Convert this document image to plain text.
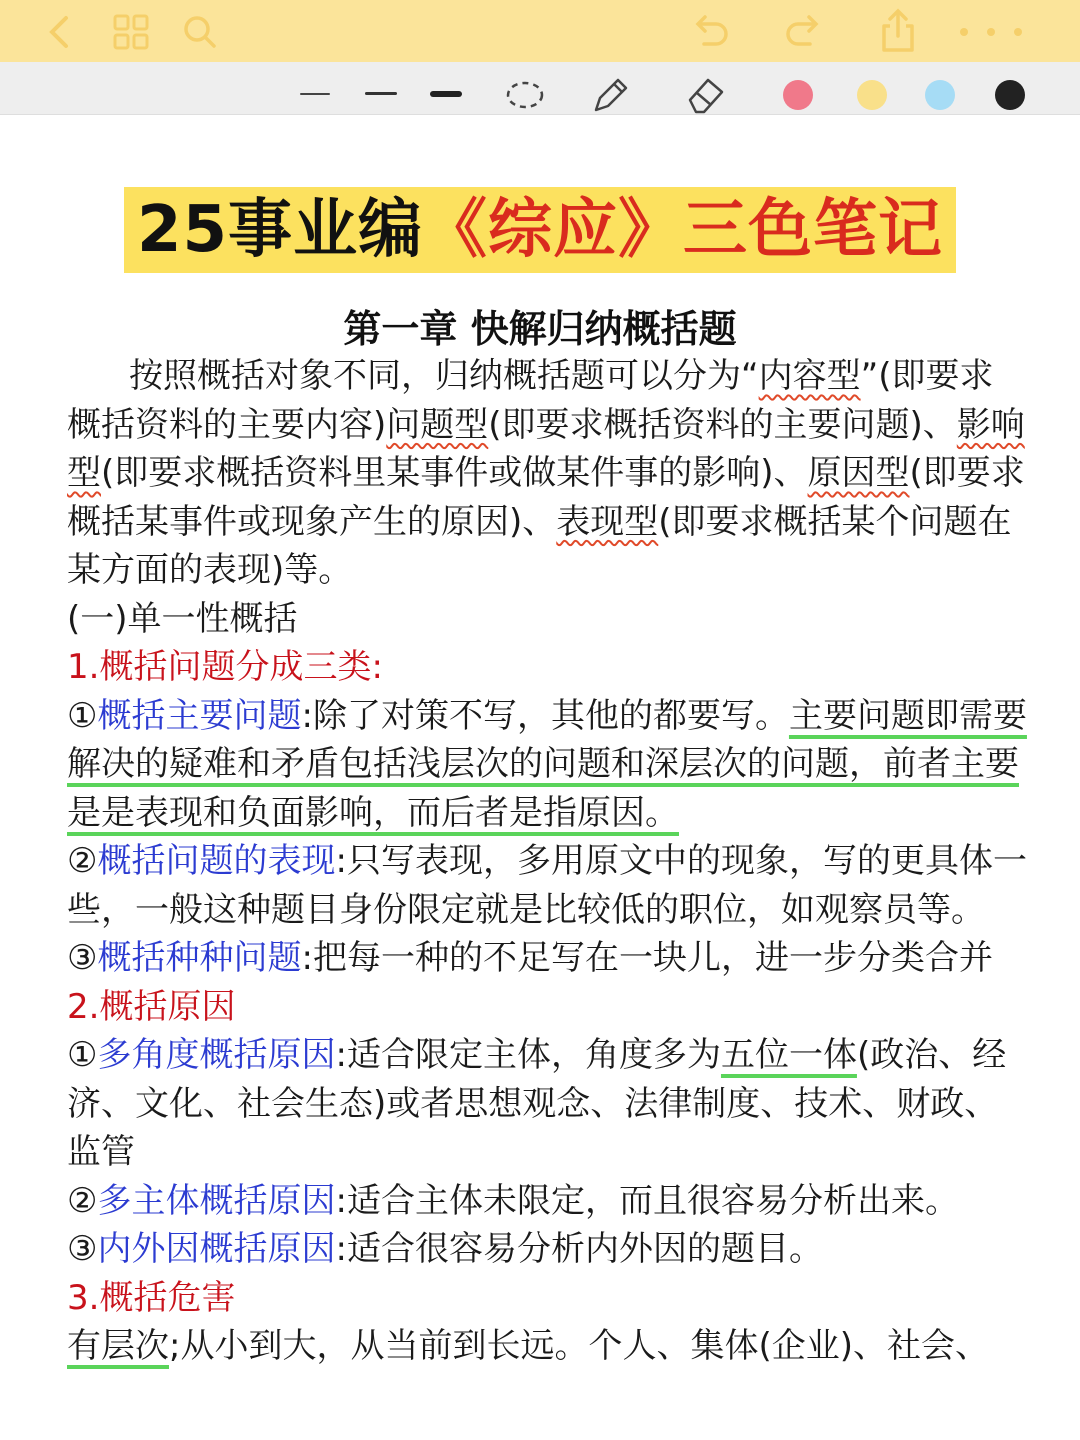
25事业编《综应》三色笔记
第一章 快解归纳概括题

按照概括对象不同，归纳概括题可以分为“内容型”(即要求概括资料的主要内容)问题型(即要求概括资料的主要问题)、影响型(即要求概括资料里某事件或做某件事的影响)、原因型(即要求概括某事件或现象产生的原因)、表现型(即要求概括某个问题在某方面的表现)等。

(一)单一性概括

1.概括问题分成三类:

①概括主要问题:除了对策不写，其他的都要写。主要问题即需要解决的疑难和矛盾包括浅层次的问题和深层次的问题，前者主要是是表现和负面影响，而后者是指原因。

②概括问题的表现:只写表现，多用原文中的现象，写的更具体一些，一般这种题目身份限定就是比较低的职位，如观察员等。

③概括种种问题:把每一种的不足写在一块儿，进一步分类合并

2.概括原因

①多角度概括原因:适合限定主体，角度多为五位一体(政治、经济、文化、社会生态)或者思想观念、法律制度、技术、财政、监管

②多主体概括原因:适合主体未限定，而且很容易分析出来。

③内外因概括原因:适合很容易分析内外因的题目。

3.概括危害

有层次;从小到大，从当前到长远。个人、集体(企业)、社会、
